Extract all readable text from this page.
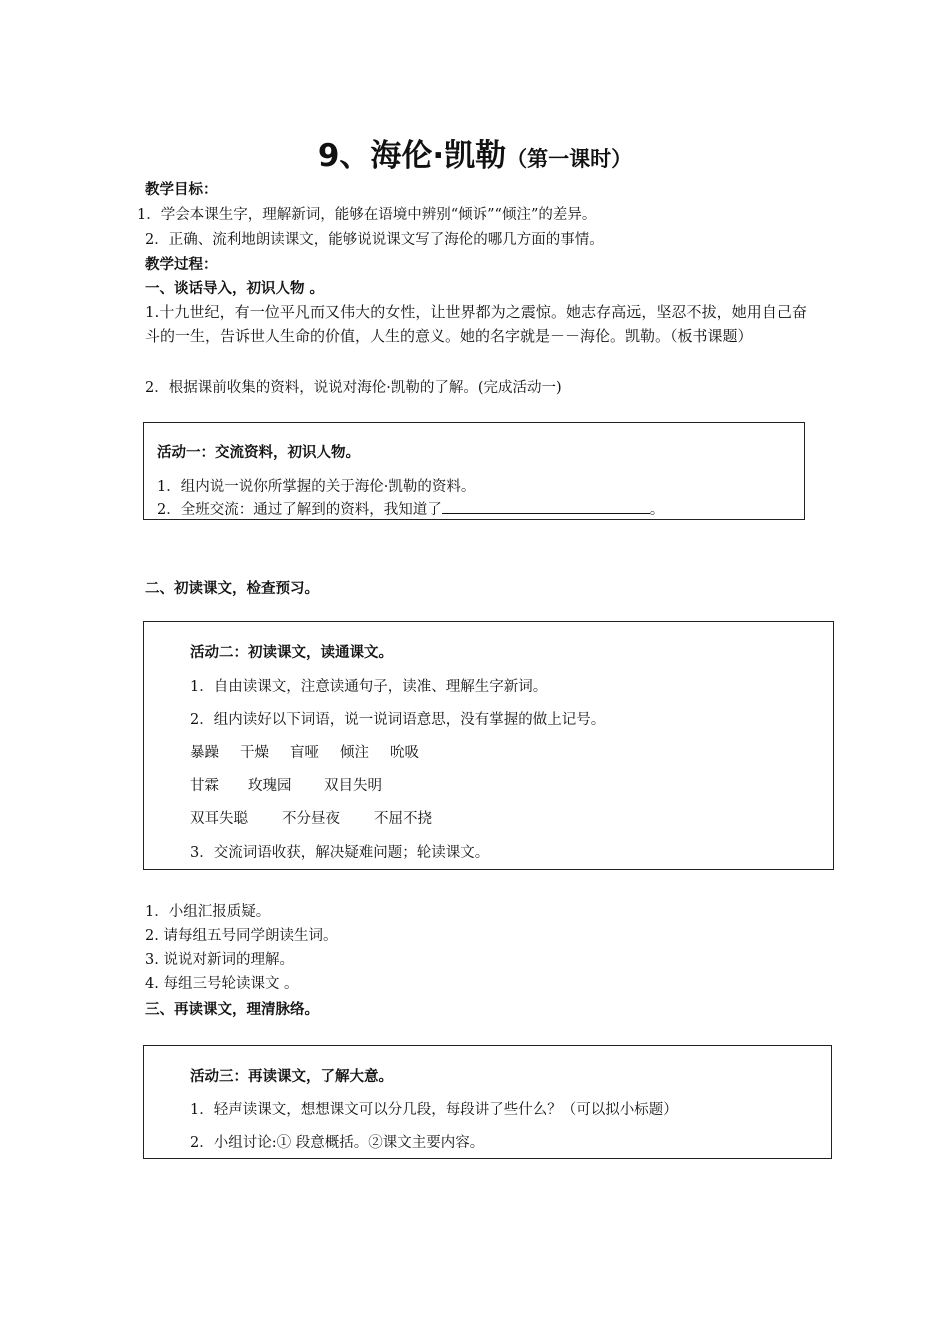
9、海伦·凯勒（第一课时）
教学目标：
1．学会本课生字，理解新词，能够在语境中辨别“倾诉”“倾注”的差异。
2．正确、流利地朗读课文，能够说说课文写了海伦的哪几方面的事情。
教学过程：
一、谈话导入，初识人物 。
1.十九世纪，有一位平凡而又伟大的女性，让世界都为之震惊。她志存高远，坚忍不拔，她用自己奋斗的一生，告诉世人生命的价值，人生的意义。她的名字就是－－海伦。凯勒。（板书课题）
2．根据课前收集的资料，说说对海伦·凯勒的了解。(完成活动一)
活动一：交流资料，初识人物。
1．组内说一说你所掌握的关于海伦·凯勒的资料。
2．全班交流：通过了解到的资料，我知道了	。
二、初读课文，检查预习。
活动二：初读课文，读通课文。
1．自由读课文，注意读通句子，读准、理解生字新词。
2．组内读好以下词语，说一说词语意思，没有掌握的做上记号。
暴躁 干燥 盲哑 倾注 吮吸
甘霖 玫瑰园 双目失明
双耳失聪 不分昼夜 不屈不挠
3．交流词语收获，解决疑难问题；轮读课文。
1．小组汇报质疑。
2. 请每组五号同学朗读生词。
3. 说说对新词的理解。
4. 每组三号轮读课文 。
三、再读课文，理清脉络。
活动三：再读课文，了解大意。
1．轻声读课文，想想课文可以分几段，每段讲了些什么？（可以拟小标题）
2．小组讨论:① 段意概括。②课文主要内容。
